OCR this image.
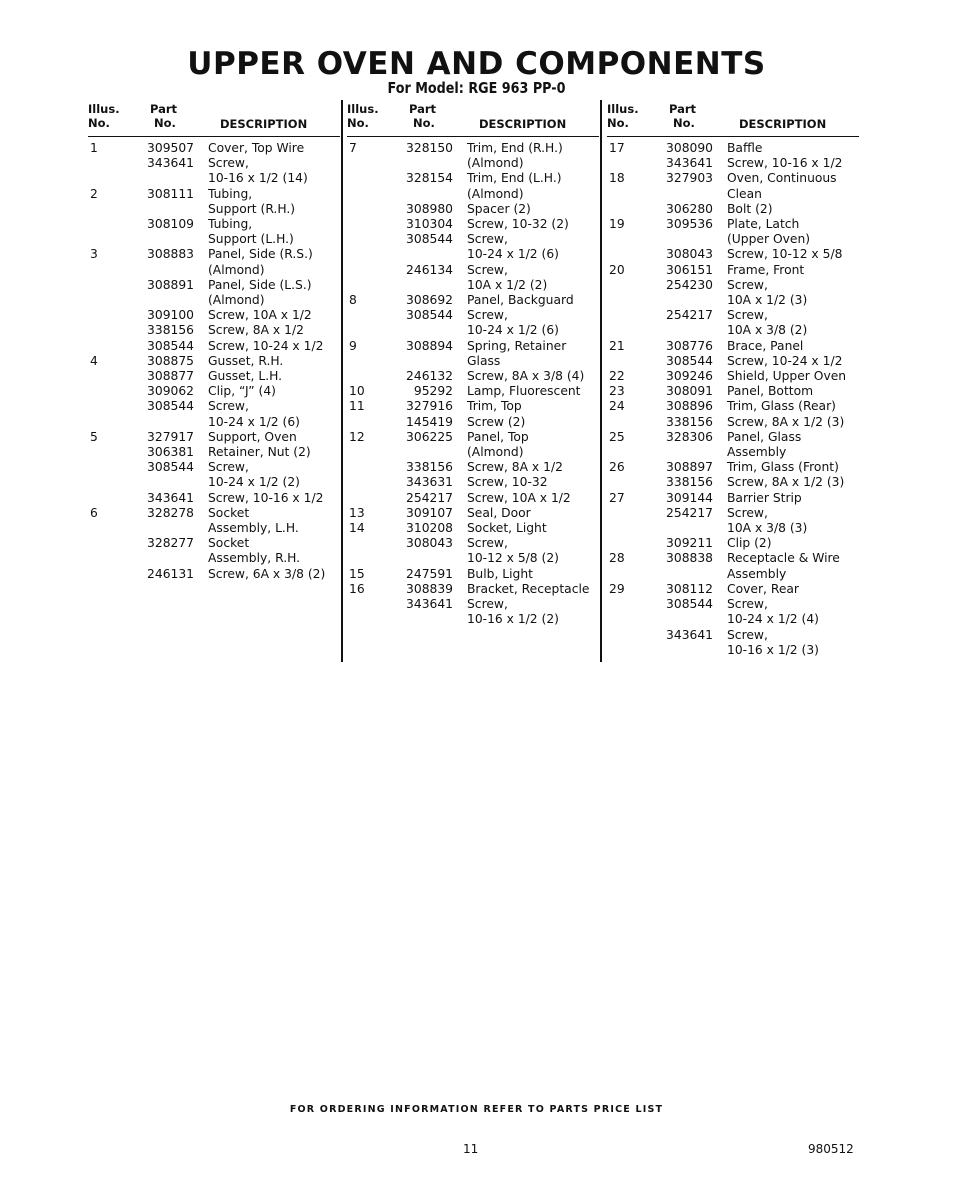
UPPER OVEN AND COMPONENTS
For Model: RGE 963 PP-0
Illus.
No.
Part
No.	DESCRIPTION
1	309507 Cover, Top Wire
343641 Screw,
10-16 x 1/2 (14)
2	308111 Tubing,
Support (R.H.)
308109 Tubing,
Support (L.H.)
3	308883 Panel, Side (R.S.)
(Almond)
308891 Panel, Side (L.S.)
(Almond)
309100 Screw, 10A x 1/2
338156 Screw, 8A x 1/2
308544 Screw, 10-24 x 1/2
4	308875 Gusset, R.H.
308877 Gusset, L.H.
309062 Clip, “J” (4)
308544 Screw,
10-24 x 1/2 (6)
5	327917 Support, Oven
306381 Retainer, Nut (2)
308544 Screw,
10-24 x 1/2 (2)
343641 Screw, 10-16 x 1/2
6	328278 Socket
Assembly, L.H.
328277 Socket
Assembly, R.H.
246131 Screw, 6A x 3/8 (2)
Illus.
No.
Part
No.	DESCRIPTION
7	328150 Trim, End (R.H.)
(Almond)
328154 Trim, End (L.H.)
(Almond)
308980 Spacer (2)
310304 Screw, 10-32 (2)
308544 Screw,
10-24 x 1/2 (6)
246134 Screw,
10A x 1/2 (2)
8	308692 Panel, Backguard
308544 Screw,
10-24 x 1/2 (6)
9	308894 Spring, Retainer
Glass
246132 Screw, 8A x 3/8 (4)
10	95292 Lamp, Fluorescent
11	327916 Trim, Top
145419 Screw (2)
12	306225 Panel, Top
(Almond)
338156 Screw, 8A x 1/2
343631 Screw, 10-32
254217 Screw, 10A x 1/2
13	309107 Seal, Door
14	310208 Socket, Light
308043 Screw,
10-12 x 5/8 (2)
15	247591 Bulb, Light
16	308839 Bracket, Receptacle
343641 Screw,
10-16 x 1/2 (2)
Illus.
No.
Part
No.	DESCRIPTION
17	308090 Baffle
343641 Screw, 10-16 x 1/2
18	327903 Oven, Continuous
Clean
306280 Bolt (2)
19	309536 Plate, Latch
(Upper Oven)
308043 Screw, 10-12 x 5/8
20	306151 Frame, Front
254230 Screw,
10A x 1/2 (3)
254217 Screw,
10A x 3/8 (2)
21	308776 Brace, Panel
308544 Screw, 10-24 x 1/2
22	309246 Shield, Upper Oven
23	308091 Panel, Bottom
24	308896 Trim, Glass (Rear)
338156 Screw, 8A x 1/2 (3)
25	328306 Panel, Glass
Assembly
26	308897 Trim, Glass (Front)
338156 Screw, 8A x 1/2 (3)
27	309144 Barrier Strip
254217 Screw,
10A x 3/8 (3)
309211 Clip (2)
28	308838 Receptacle & Wire
Assembly
29	308112 Cover, Rear
308544 Screw,
10-24 x 1/2 (4)
343641 Screw,
10-16 x 1/2 (3)
FOR ORDERING INFORMATION REFER TO PARTS PRICE LIST
11	980512
